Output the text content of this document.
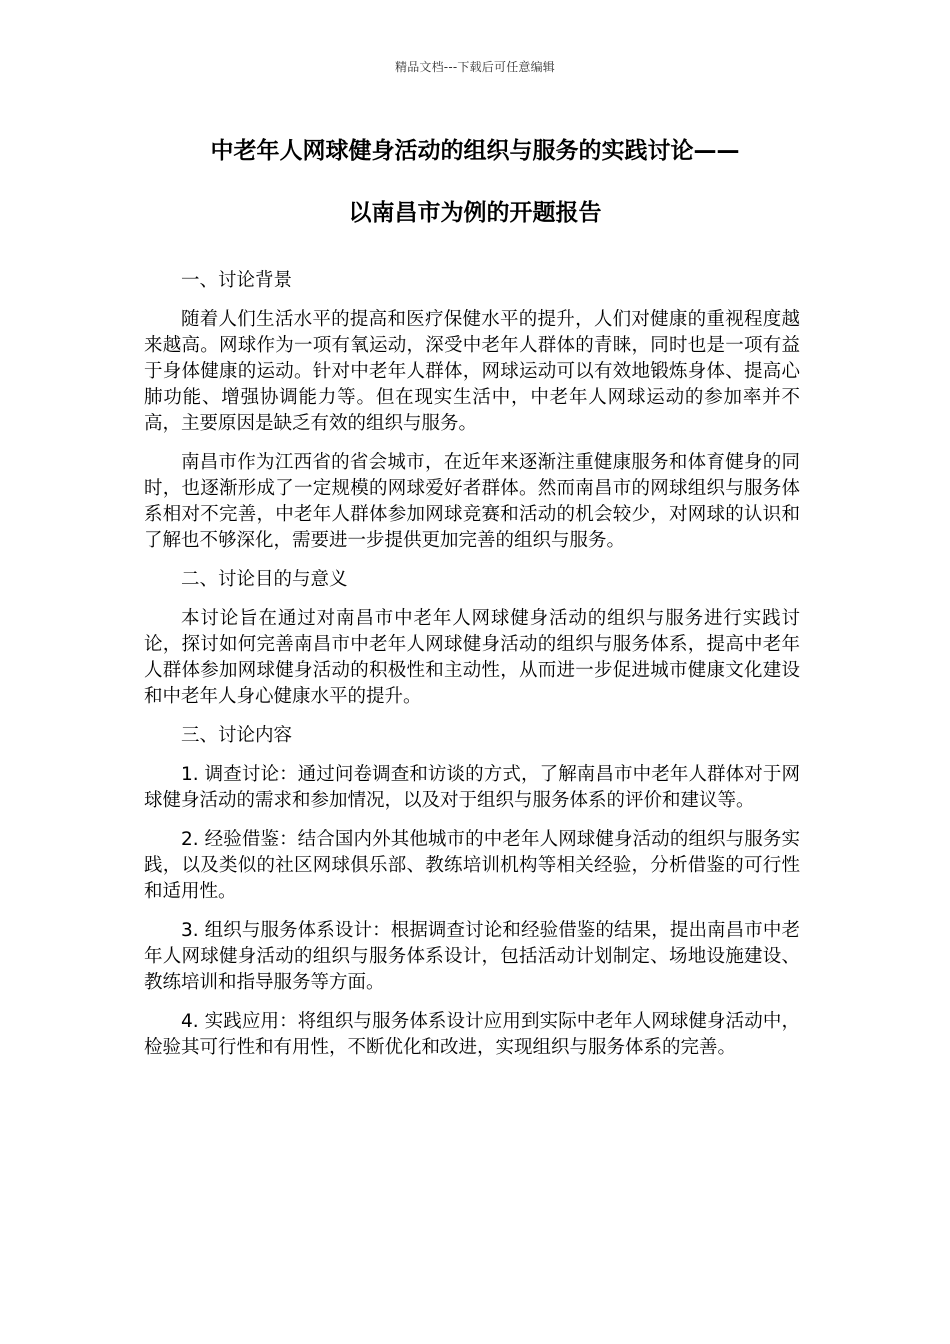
精品文档---下载后可任意编辑
中老年人网球健身活动的组织与服务的实践讨论——
以南昌市为例的开题报告
一、讨论背景

随着人们生活水平的提高和医疗保健水平的提升，人们对健康的重视程度越来越高。网球作为一项有氧运动，深受中老年人群体的青睐，同时也是一项有益于身体健康的运动。针对中老年人群体，网球运动可以有效地锻炼身体、提高心肺功能、增强协调能力等。但在现实生活中，中老年人网球运动的参加率并不高，主要原因是缺乏有效的组织与服务。

南昌市作为江西省的省会城市，在近年来逐渐注重健康服务和体育健身的同时，也逐渐形成了一定规模的网球爱好者群体。然而南昌市的网球组织与服务体系相对不完善，中老年人群体参加网球竞赛和活动的机会较少，对网球的认识和了解也不够深化，需要进一步提供更加完善的组织与服务。

二、讨论目的与意义

本讨论旨在通过对南昌市中老年人网球健身活动的组织与服务进行实践讨论，探讨如何完善南昌市中老年人网球健身活动的组织与服务体系，提高中老年人群体参加网球健身活动的积极性和主动性，从而进一步促进城市健康文化建设和中老年人身心健康水平的提升。

三、讨论内容

1. 调查讨论：通过问卷调查和访谈的方式，了解南昌市中老年人群体对于网球健身活动的需求和参加情况，以及对于组织与服务体系的评价和建议等。

2. 经验借鉴：结合国内外其他城市的中老年人网球健身活动的组织与服务实践，以及类似的社区网球俱乐部、教练培训机构等相关经验，分析借鉴的可行性和适用性。

3. 组织与服务体系设计：根据调查讨论和经验借鉴的结果，提出南昌市中老年人网球健身活动的组织与服务体系设计，包括活动计划制定、场地设施建设、教练培训和指导服务等方面。

4. 实践应用：将组织与服务体系设计应用到实际中老年人网球健身活动中，检验其可行性和有用性，不断优化和改进，实现组织与服务体系的完善。
